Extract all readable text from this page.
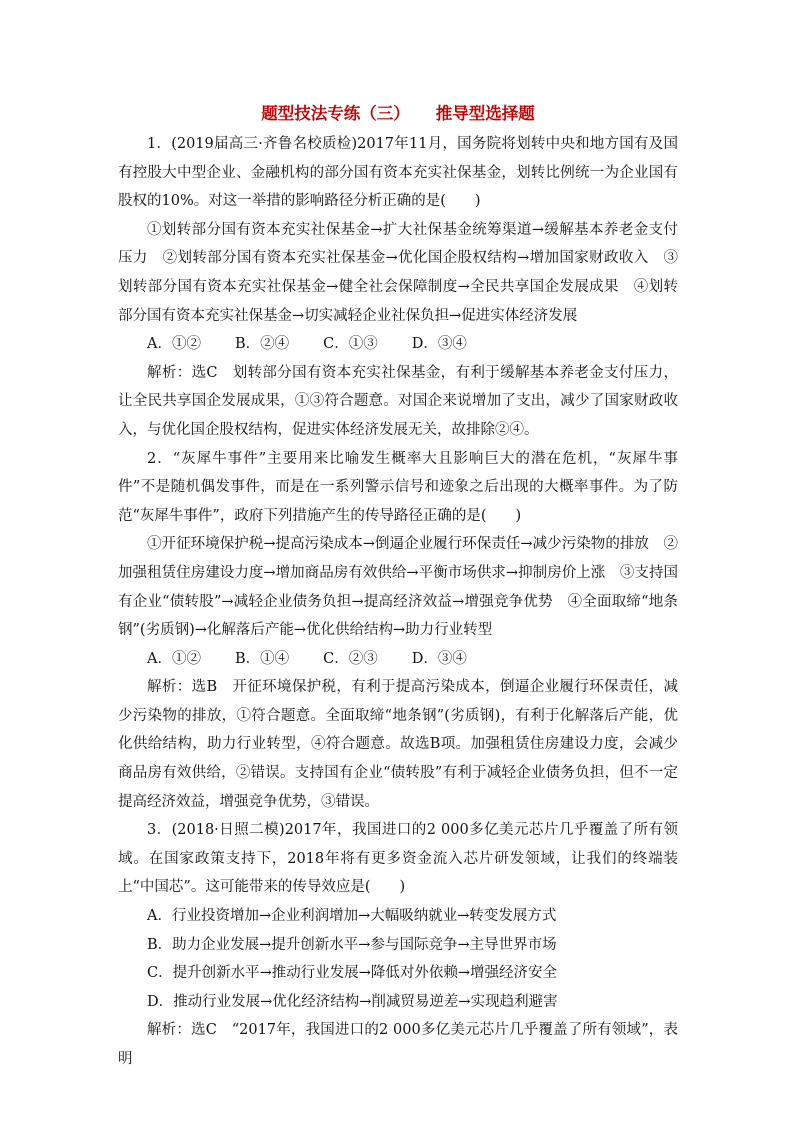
题型技法专练（三） 推导型选择题

1．(2019届高三·齐鲁名校质检)2017年11月，国务院将划转中央和地方国有及国有控股大中型企业、金融机构的部分国有资本充实社保基金，划转比例统一为企业国有股权的10%。对这一举措的影响路径分析正确的是(　　)

①划转部分国有资本充实社保基金→扩大社保基金统筹渠道→缓解基本养老金支付压力　②划转部分国有资本充实社保基金→优化国企股权结构→增加国家财政收入　③划转部分国有资本充实社保基金→健全社会保障制度→全民共享国企发展成果　④划转部分国有资本充实社保基金→切实减轻企业社保负担→促进实体经济发展

A．①② B．②④ C．①③ D．③④

解析：选C　划转部分国有资本充实社保基金，有利于缓解基本养老金支付压力，让全民共享国企发展成果，①③符合题意。对国企来说增加了支出，减少了国家财政收入，与优化国企股权结构，促进实体经济发展无关，故排除②④。

2．“灰犀牛事件”主要用来比喻发生概率大且影响巨大的潜在危机，“灰犀牛事件”不是随机偶发事件，而是在一系列警示信号和迹象之后出现的大概率事件。为了防范“灰犀牛事件”，政府下列措施产生的传导路径正确的是(　　)

①开征环境保护税→提高污染成本→倒逼企业履行环保责任→减少污染物的排放　②加强租赁住房建设力度→增加商品房有效供给→平衡市场供求→抑制房价上涨　③支持国有企业“债转股”→减轻企业债务负担→提高经济效益→增强竞争优势　④全面取缔“地条钢”(劣质钢)→化解落后产能→优化供给结构→助力行业转型

A．①② B．①④ C．②③ D．③④

解析：选B　开征环境保护税，有利于提高污染成本，倒逼企业履行环保责任，减少污染物的排放，①符合题意。全面取缔“地条钢”(劣质钢)，有利于化解落后产能，优化供给结构，助力行业转型，④符合题意。故选B项。加强租赁住房建设力度，会减少商品房有效供给，②错误。支持国有企业“债转股”有利于减轻企业债务负担，但不一定提高经济效益，增强竞争优势，③错误。

3．(2018·日照二模)2017年，我国进口的2 000多亿美元芯片几乎覆盖了所有领域。在国家政策支持下，2018年将有更多资金流入芯片研发领域，让我们的终端装上“中国芯”。这可能带来的传导效应是(　　)

A．行业投资增加→企业利润增加→大幅吸纳就业→转变发展方式

B．助力企业发展→提升创新水平→参与国际竞争→主导世界市场

C．提升创新水平→推动行业发展→降低对外依赖→增强经济安全

D．推动行业发展→优化经济结构→削减贸易逆差→实现趋利避害

解析：选C　“2017年，我国进口的2 000多亿美元芯片几乎覆盖了所有领域”，表明
